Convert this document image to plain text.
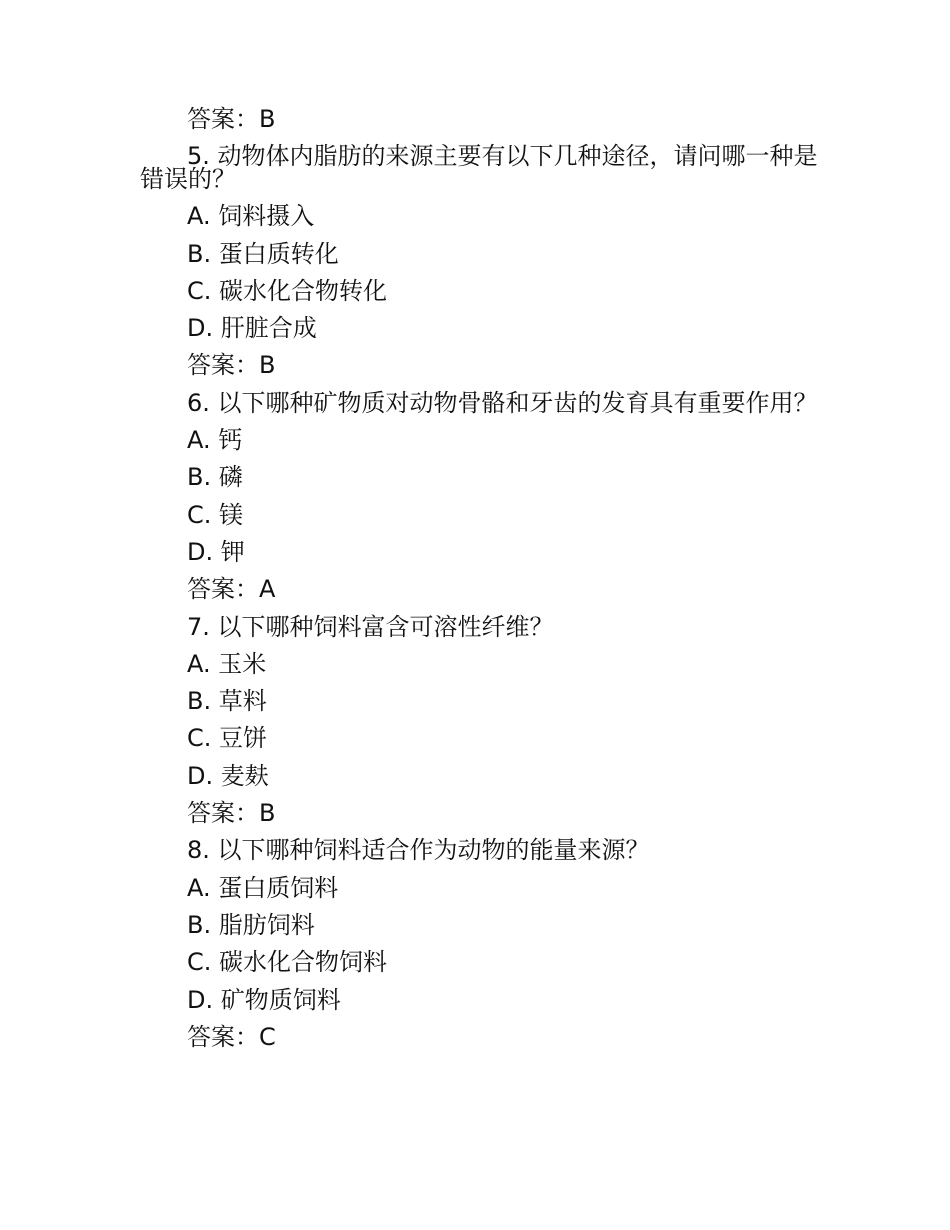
答案：B
5. 动物体内脂肪的来源主要有以下几种途径，请问哪一种是错误的？
A. 饲料摄入
B. 蛋白质转化
C. 碳水化合物转化
D. 肝脏合成
答案：B
6. 以下哪种矿物质对动物骨骼和牙齿的发育具有重要作用？
A. 钙
B. 磷
C. 镁
D. 钾
答案：A
7. 以下哪种饲料富含可溶性纤维？
A. 玉米
B. 草料
C. 豆饼
D. 麦麸
答案：B
8. 以下哪种饲料适合作为动物的能量来源？
A. 蛋白质饲料
B. 脂肪饲料
C. 碳水化合物饲料
D. 矿物质饲料
答案：C
